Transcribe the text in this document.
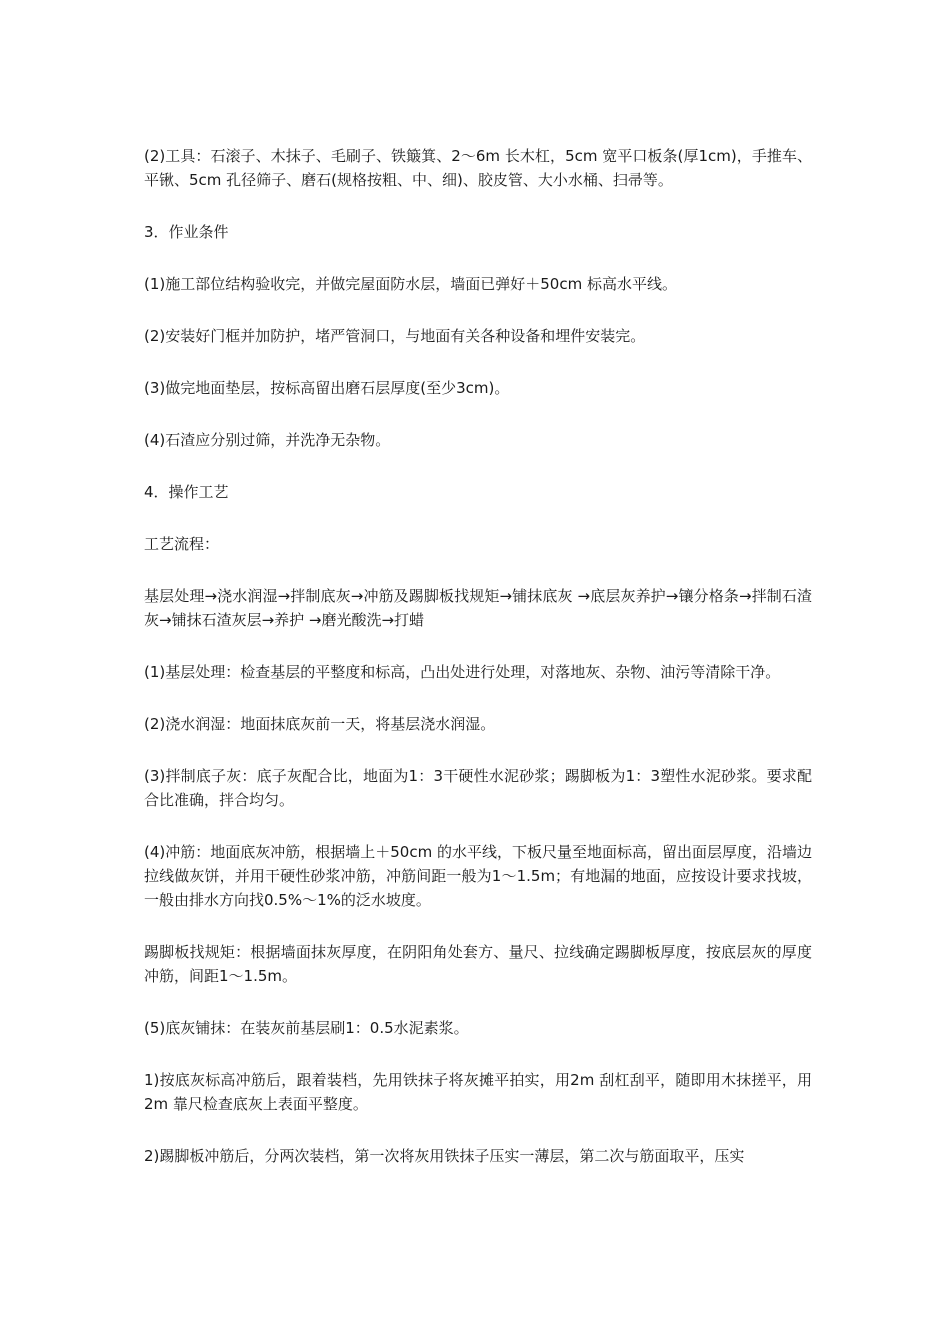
(2)工具：石滚子、木抹子、毛刷子、铁簸箕、2～6m 长木杠，5cm 宽平口板条(厚1cm)，手推车、平锹、5cm 孔径筛子、磨石(规格按粗、中、细)、胶皮管、大小水桶、扫帚等。

3．作业条件

(1)施工部位结构验收完，并做完屋面防水层，墙面已弹好＋50cm 标高水平线。

(2)安装好门框并加防护，堵严管洞口，与地面有关各种设备和埋件安装完。

(3)做完地面垫层，按标高留出磨石层厚度(至少3cm)。

(4)石渣应分别过筛，并洗净无杂物。

4．操作工艺

工艺流程：

基层处理→浇水润湿→拌制底灰→冲筋及踢脚板找规矩→铺抹底灰 →底层灰养护→镶分格条→拌制石渣灰→铺抹石渣灰层→养护 →磨光酸洗→打蜡

(1)基层处理：检查基层的平整度和标高，凸出处进行处理，对落地灰、杂物、油污等清除干净。

(2)浇水润湿：地面抹底灰前一天，将基层浇水润湿。

(3)拌制底子灰：底子灰配合比，地面为1：3干硬性水泥砂浆；踢脚板为1：3塑性水泥砂浆。要求配合比准确，拌合均匀。

(4)冲筋：地面底灰冲筋，根据墙上＋50cm 的水平线，下板尺量至地面标高，留出面层厚度，沿墙边拉线做灰饼，并用干硬性砂浆冲筋，冲筋间距一般为1～1.5m；有地漏的地面，应按设计要求找坡，一般由排水方向找0.5%～1%的泛水坡度。

踢脚板找规矩：根据墙面抹灰厚度，在阴阳角处套方、量尺、拉线确定踢脚板厚度，按底层灰的厚度冲筋，间距1～1.5m。

(5)底灰铺抹：在装灰前基层刷1：0.5水泥素浆。

1)按底灰标高冲筋后，跟着装档，先用铁抹子将灰摊平拍实，用2m 刮杠刮平，随即用木抹搓平，用2m 靠尺检查底灰上表面平整度。

2)踢脚板冲筋后，分两次装档，第一次将灰用铁抹子压实一薄层，第二次与筋面取平，压实
